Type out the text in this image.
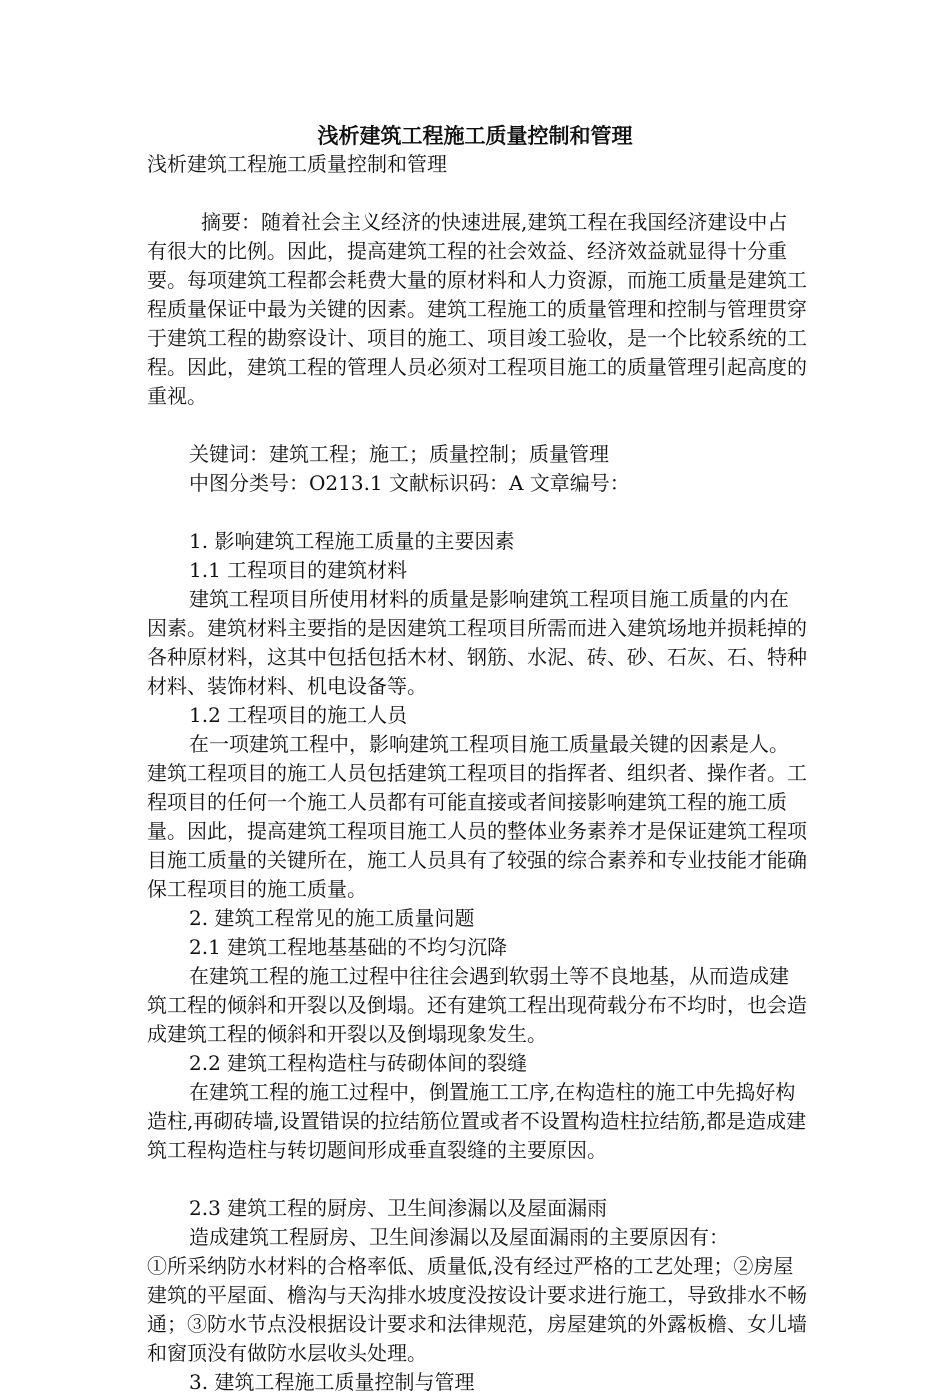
浅析建筑工程施工质量控制和管理

浅析建筑工程施工质量控制和管理

摘要：随着社会主义经济的快速进展,建筑工程在我国经济建设中占有很大的比例。因此，提高建筑工程的社会效益、经济效益就显得十分重要。每项建筑工程都会耗费大量的原材料和人力资源，而施工质量是建筑工程质量保证中最为关键的因素。建筑工程施工的质量管理和控制与管理贯穿于建筑工程的勘察设计、项目的施工、项目竣工验收，是一个比较系统的工程。因此，建筑工程的管理人员必须对工程项目施工的质量管理引起高度的重视。

关键词：建筑工程；施工；质量控制；质量管理

中图分类号：O213.1 文献标识码：A 文章编号：

1. 影响建筑工程施工质量的主要因素

1.1 工程项目的建筑材料

建筑工程项目所使用材料的质量是影响建筑工程项目施工质量的内在因素。建筑材料主要指的是因建筑工程项目所需而进入建筑场地并损耗掉的各种原材料，这其中包括包括木材、钢筋、水泥、砖、砂、石灰、石、特种材料、装饰材料、机电设备等。

1.2 工程项目的施工人员

在一项建筑工程中，影响建筑工程项目施工质量最关键的因素是人。建筑工程项目的施工人员包括建筑工程项目的指挥者、组织者、操作者。工程项目的任何一个施工人员都有可能直接或者间接影响建筑工程的施工质量。因此，提高建筑工程项目施工人员的整体业务素养才是保证建筑工程项目施工质量的关键所在，施工人员具有了较强的综合素养和专业技能才能确保工程项目的施工质量。

2. 建筑工程常见的施工质量问题

2.1 建筑工程地基基础的不均匀沉降

在建筑工程的施工过程中往往会遇到软弱土等不良地基，从而造成建筑工程的倾斜和开裂以及倒塌。还有建筑工程出现荷载分布不均时，也会造成建筑工程的倾斜和开裂以及倒塌现象发生。

2.2 建筑工程构造柱与砖砌体间的裂缝

在建筑工程的施工过程中，倒置施工工序,在构造柱的施工中先捣好构造柱,再砌砖墙,设置错误的拉结筋位置或者不设置构造柱拉结筋,都是造成建筑工程构造柱与转切题间形成垂直裂缝的主要原因。

2.3 建筑工程的厨房、卫生间渗漏以及屋面漏雨

造成建筑工程厨房、卫生间渗漏以及屋面漏雨的主要原因有：

①所采纳防水材料的合格率低、质量低,没有经过严格的工艺处理；②房屋建筑的平屋面、檐沟与天沟排水坡度没按设计要求进行施工，导致排水不畅通；③防水节点没根据设计要求和法律规范，房屋建筑的外露板檐、女儿墙和窗顶没有做防水层收头处理。

3. 建筑工程施工质量控制与管理
